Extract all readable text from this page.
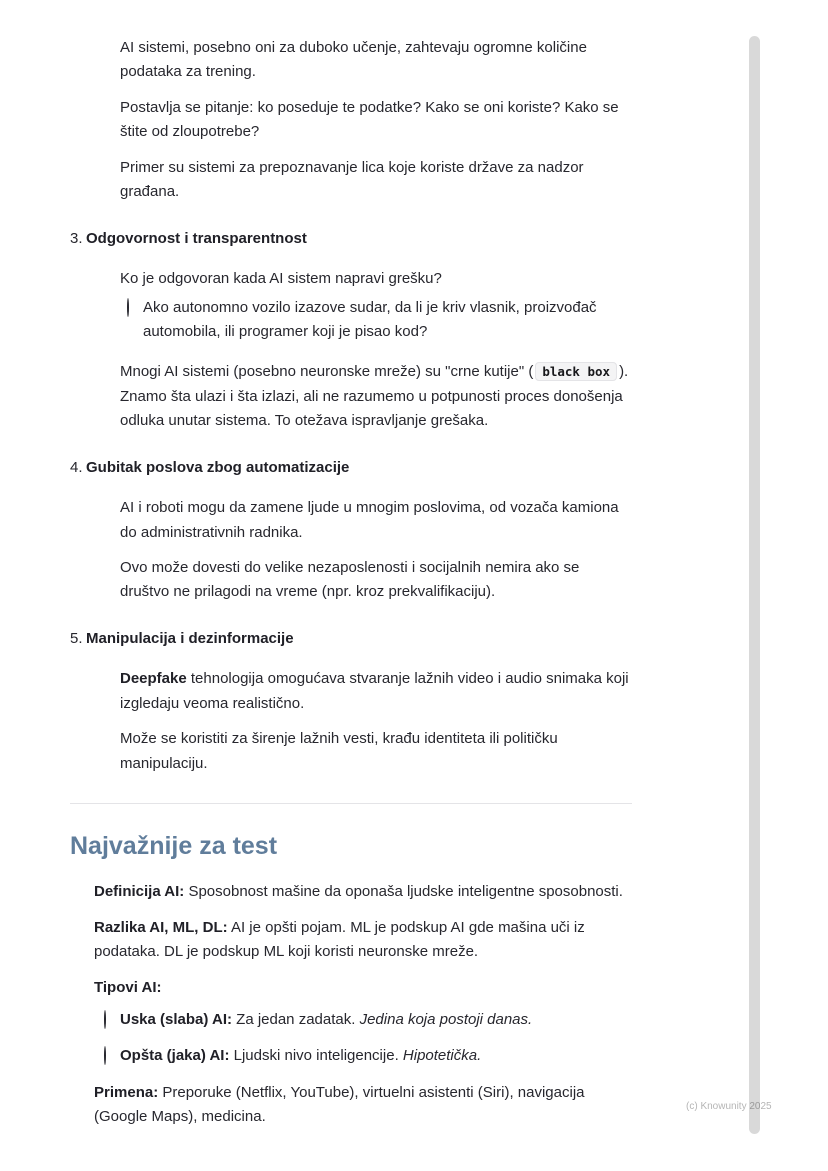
AI sistemi, posebno oni za duboko učenje, zahtevaju ogromne količine podataka za trening.
Postavlja se pitanje: ko poseduje te podatke? Kako se oni koriste? Kako se štite od zloupotrebe?
Primer su sistemi za prepoznavanje lica koje koriste države za nadzor građana.
3. Odgovornost i transparentnost
Ko je odgovoran kada AI sistem napravi grešku?
Ako autonomno vozilo izazove sudar, da li je kriv vlasnik, proizvođač automobila, ili programer koji je pisao kod?
Mnogi AI sistemi (posebno neuronske mreže) su "crne kutije" ( black box ). Znamo šta ulazi i šta izlazi, ali ne razumemo u potpunosti proces donošenja odluka unutar sistema. To otežava ispravljanje grešaka.
4. Gubitak poslova zbog automatizacije
AI i roboti mogu da zamene ljude u mnogim poslovima, od vozača kamiona do administrativnih radnika.
Ovo može dovesti do velike nezaposlenosti i socijalnih nemira ako se društvo ne prilagodi na vreme (npr. kroz prekvalifikaciju).
5. Manipulacija i dezinformacije
Deepfake tehnologija omogućava stvaranje lažnih video i audio snimaka koji izgledaju veoma realistično.
Može se koristiti za širenje lažnih vesti, krađu identiteta ili političku manipulaciju.
Najvažnije za test
Definicija AI: Sposobnost mašine da oponaša ljudske inteligentne sposobnosti.
Razlika AI, ML, DL: AI je opšti pojam. ML je podskup AI gde mašina uči iz podataka. DL je podskup ML koji koristi neuronske mreže.
Tipovi AI:
Uska (slaba) AI: Za jedan zadatak. Jedina koja postoji danas.
Opšta (jaka) AI: Ljudski nivo inteligencije. Hipotetička.
Primena: Preporuke (Netflix, YouTube), virtuelni asistenti (Siri), navigacija (Google Maps), medicina.
(c) Knowunity 2025
